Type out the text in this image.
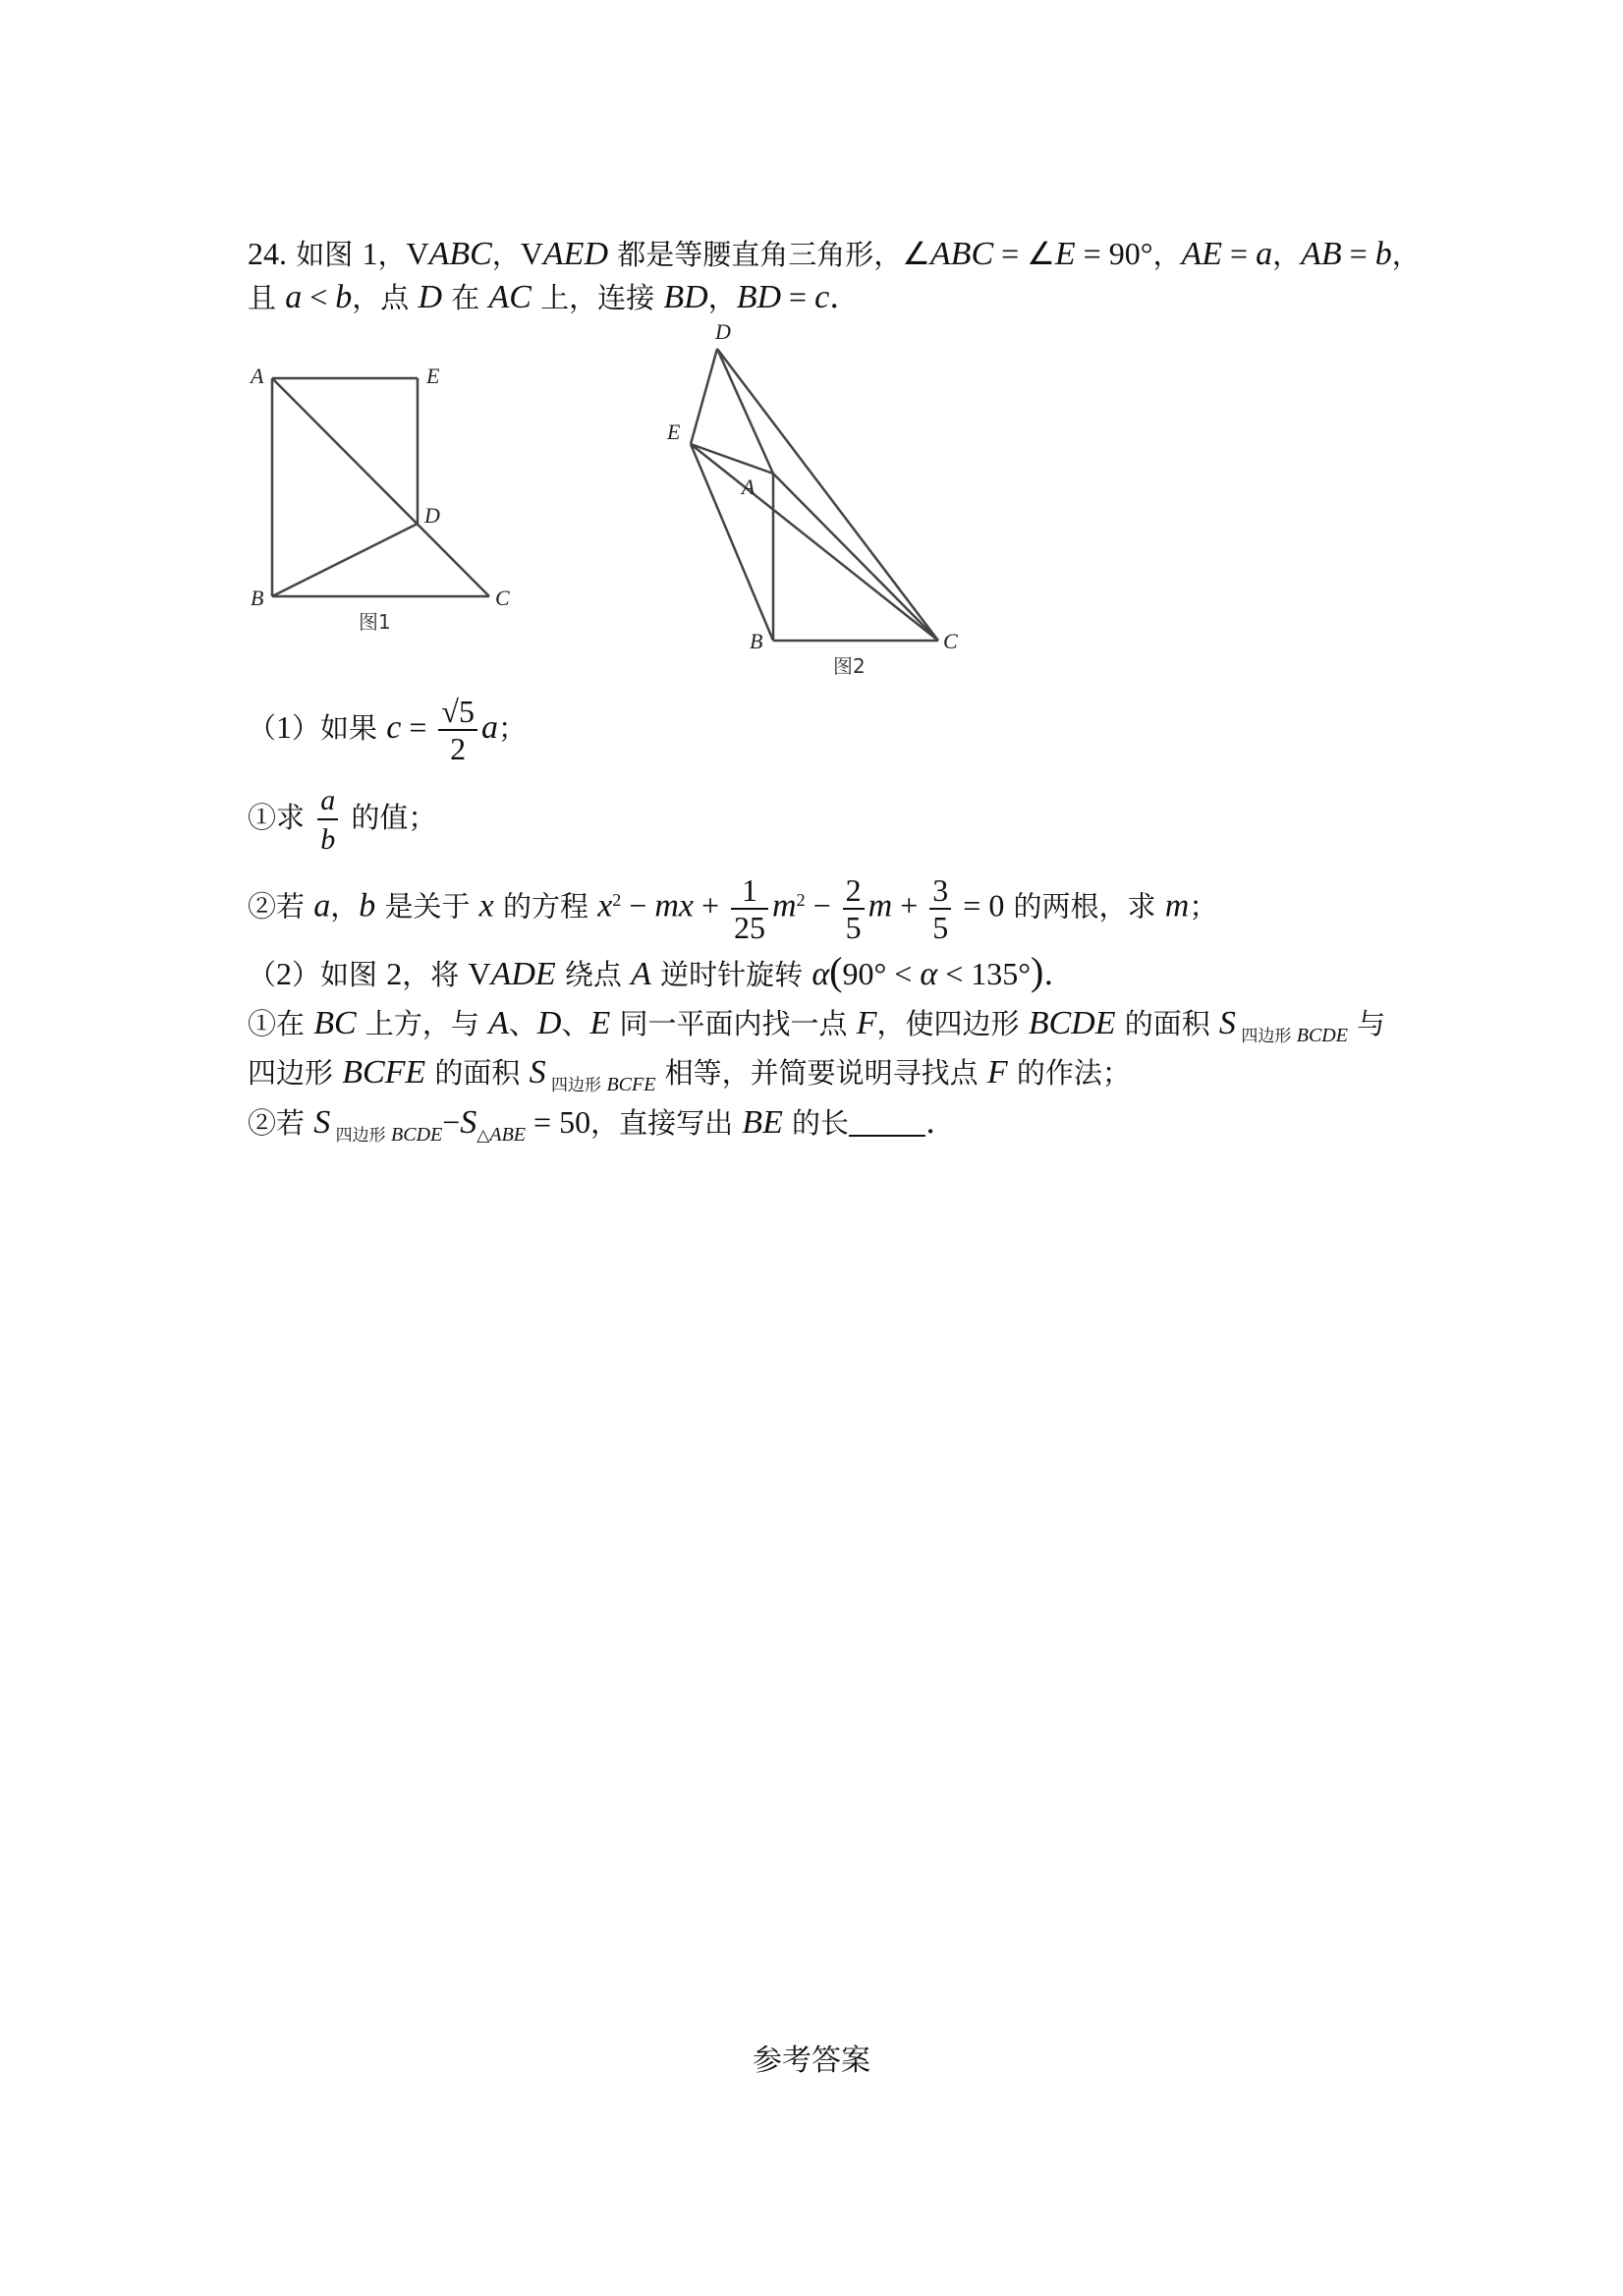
24. 如图 1，VABC，VAED 都是等腰直角三角形，∠ABC = ∠E = 90°，AE = a，AB = b，
且 a < b，点 D 在 AC 上，连接 BD，BD = c．
A	E
D
B	C
图1
D
E
A
B	C
图2
（1）如果 $c = \frac{√5}{2}$ a；
①求 $\frac{a}{b}$ 的值；
②若 a，b 是关于 x 的方程 $x^2$ − mx + $\frac{1}{25} m^2 - \frac{2}{5}$ $m + \frac{3}{5} = 0$ 的两根，求 m；
（2）如图 2，将 VADE 绕点 A 逆时针旋转 α(90° < α < 135°)．
①在 BC 上方，与 A、D、E 同一平面内找一点 F，使四边形 BCDE 的面积 S $_{四边形}$ $_{BCDE}$ 与
四边形 BCFE 的面积 S $_{四边形}$ $_{BCFE}$ 相等，并简要说明寻找点 F 的作法；
②若 S $_{四边形}$ $_{BCDE}-S_{\triangle ABE} = 50$，直接写出 BE 的长 ．
参考答案
